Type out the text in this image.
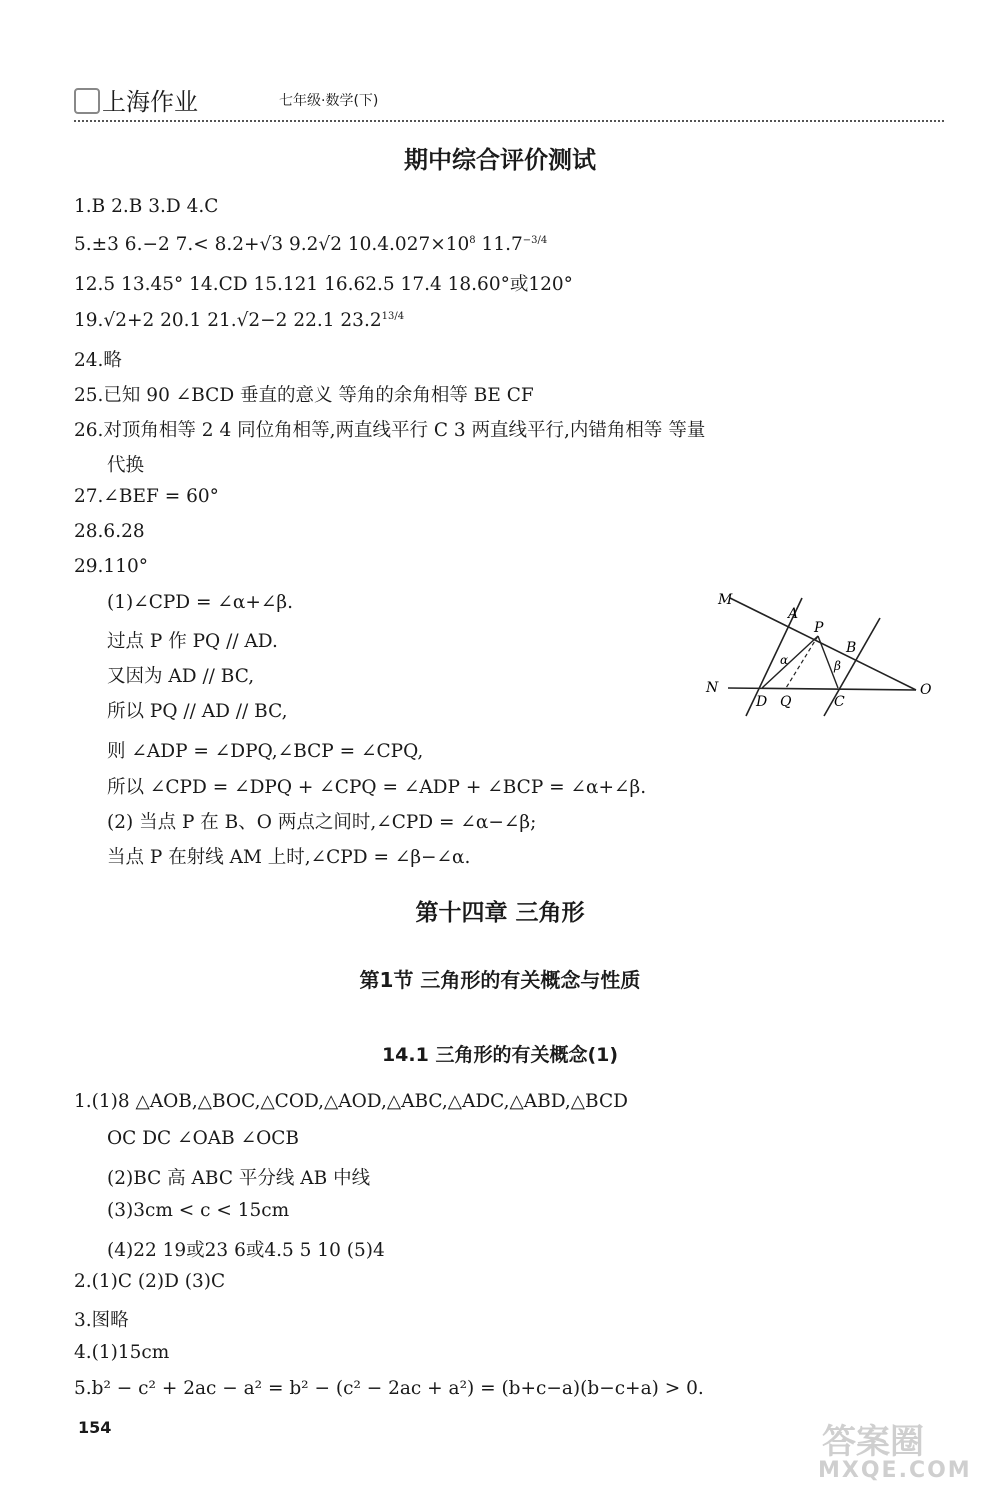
上海作业	七年级·数学(下)
期中综合评价测试
1.B 2.B 3.D 4.C
5.±3 6.−2 7.< 8.2+√3 9.2√2 $10.4.027\times 10^8$ $11.7^{-3/4}$
12.5 13.45° 14.CD 15.121 16.62.5 17.4 18.60°或120°
19.√2+2 20.1 21.√2−2 22.1 $23.2^{13/4}$
24.略
25.已知 90 ∠BCD 垂直的意义 等角的余角相等 BE CF
26.对顶角相等 2 4 同位角相等,两直线平行 C 3 两直线平行,内错角相等 等量
代换
27.∠BEF = 60°
28.6.28
29.110°
(1)∠CPD = ∠α+∠β.
过点 P 作 PQ // AD.
又因为 AD // BC,
所以 PQ // AD // BC,
则 ∠ADP = ∠DPQ,∠BCP = ∠CPQ,
所以 ∠CPD = ∠DPQ + ∠CPQ = ∠ADP + ∠BCP = ∠α+∠β.
(2) 当点 P 在 B、O 两点之间时,∠CPD = ∠α−∠β;
当点 P 在射线 AM 上时,∠CPD = ∠β−∠α.
M
A
P
B
α	β
N
D Q	C
O
第十四章 三角形
第1节 三角形的有关概念与性质
14.1 三角形的有关概念(1)
1.(1)8 △AOB,△BOC,△COD,△AOD,△ABC,△ADC,△ABD,△BCD
OC DC ∠OAB ∠OCB
(2)BC 高 ABC 平分线 AB 中线
(3)3cm < c < 15cm
(4)22 19或23 6或4.5 5 10 (5)4
2.(1)C (2)D (3)C
3.图略
4.(1)15cm
5.b² − c² + 2ac − a² = b² − (c² − 2ac + a²) = (b+c−a)(b−c+a) > 0.
154	答案圈
MXQE.COM
